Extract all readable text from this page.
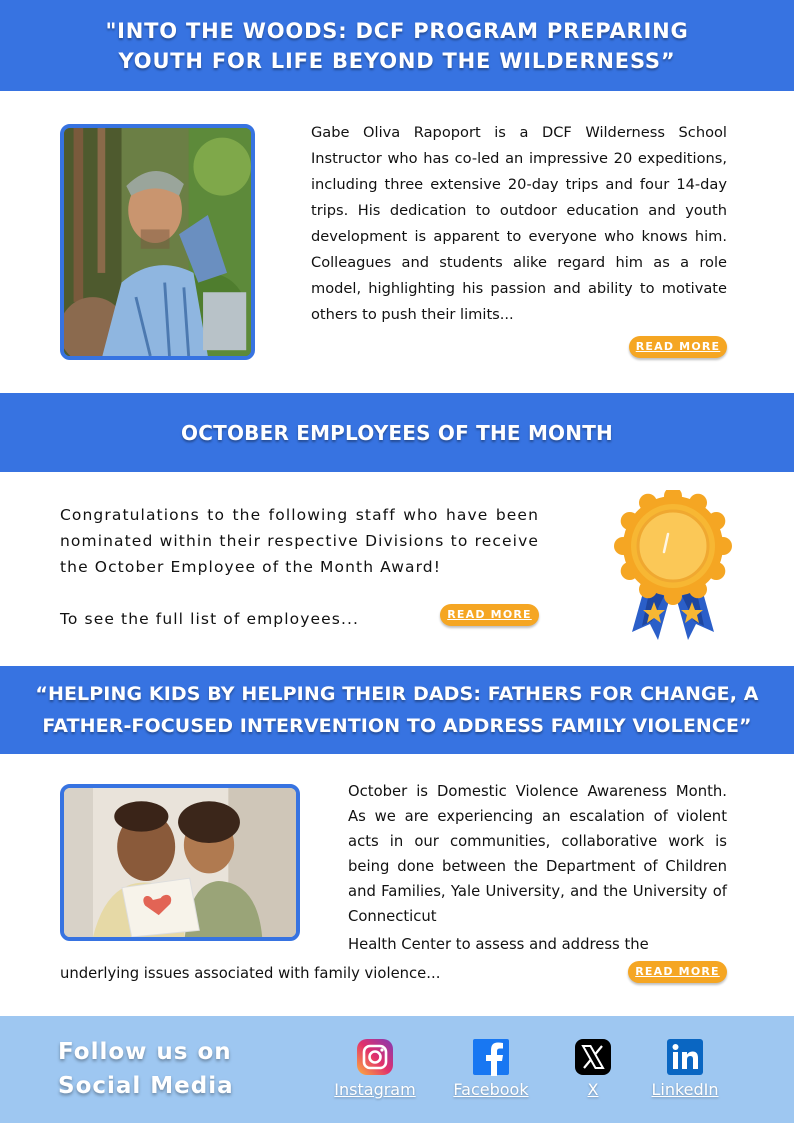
"INTO THE WOODS: DCF PROGRAM PREPARING
YOUTH FOR LIFE BEYOND THE WILDERNESS”
Gabe Oliva Rapoport is a DCF Wilderness School Instructor who has co-led an impressive 20 expeditions, including three extensive 20-day trips and four 14-day trips. His dedication to outdoor education and youth development is apparent to everyone who knows him. Colleagues and students alike regard him as a role model, highlighting his passion and ability to motivate others to push their limits...
READ MORE
OCTOBER EMPLOYEES OF THE MONTH
Congratulations to the following staff who have been nominated within their respective Divisions to receive the October Employee of the Month Award!
To see the full list of employees...	READ MORE
“HELPING KIDS BY HELPING THEIR DADS: FATHERS FOR CHANGE, A
FATHER-FOCUSED INTERVENTION TO ADDRESS FAMILY VIOLENCE”
October is Domestic Violence Awareness Month. As we are experiencing an escalation of violent acts in our communities, collaborative work is being done between the Department of Children and Families, Yale University, and the University of Connecticut
Health Center to assess and address the
underlying issues associated with family violence...	READ MORE
Follow us on
Social Media	Instagram	Facebook	X	LinkedIn
